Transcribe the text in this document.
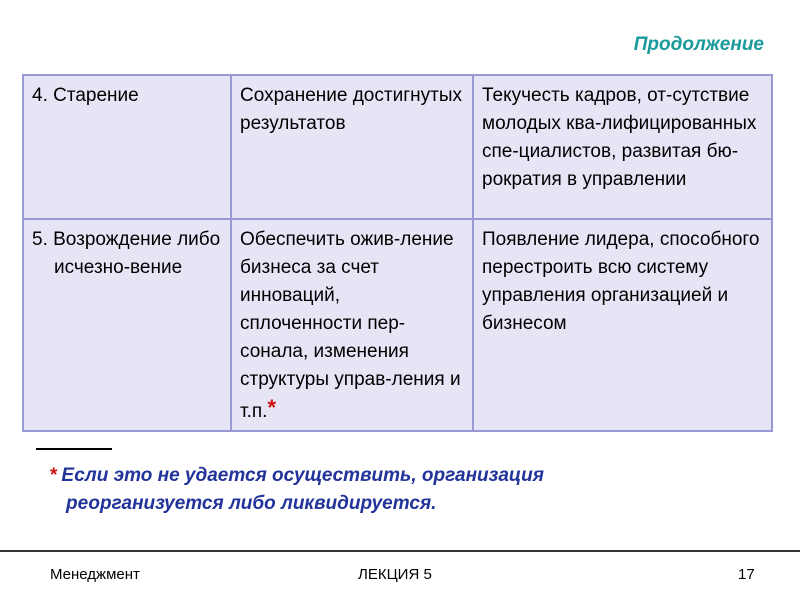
Продолжение
4. Старение	Сохранение достигнутых результатов	Текучесть кадров, от-сутствие молодых ква-лифицированных спе-циалистов, развитая бю-рократия в управлении

5. Возрождение либо исчезно-вение	Обеспечить ожив-ление бизнеса за счет инноваций, сплоченности пер-сонала, изменения структуры управ-ления и т.п.*	Появление лидера, способного перестроить всю систему управления организацией и бизнесом
* Если это не удается осуществить, организация
реорганизуется либо ликвидируется.
Менеджмент	ЛЕКЦИЯ 5	17
